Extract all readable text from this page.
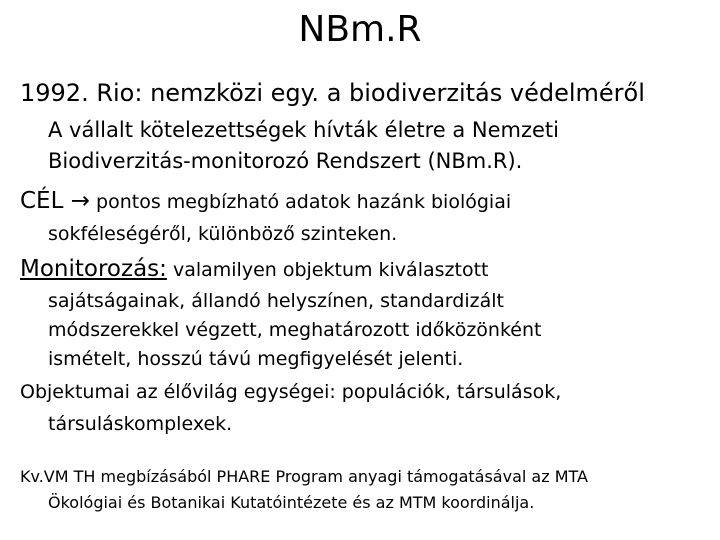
NBm.R
1992. Rio: nemzközi egy. a biodiverzitás védelméről
A vállalt kötelezettségek hívták életre a Nemzeti
Biodiverzitás-monitorozó Rendszert (NBm.R).
CÉL → pontos megbízható adatok hazánk biológiai
sokféleségéről, különböző szinteken.
Monitorozás: valamilyen objektum kiválasztott
sajátságainak, állandó helyszínen, standardizált
módszerekkel végzett, meghatározott időközönként
ismételt, hosszú távú megfigyelését jelenti.
Objektumai az élővilág egységei: populációk, társulások,
társuláskomplexek.
Kv.VM TH megbízásából PHARE Program anyagi támogatásával az MTA
Ökológiai és Botanikai Kutatóintézete és az MTM koordinálja.
